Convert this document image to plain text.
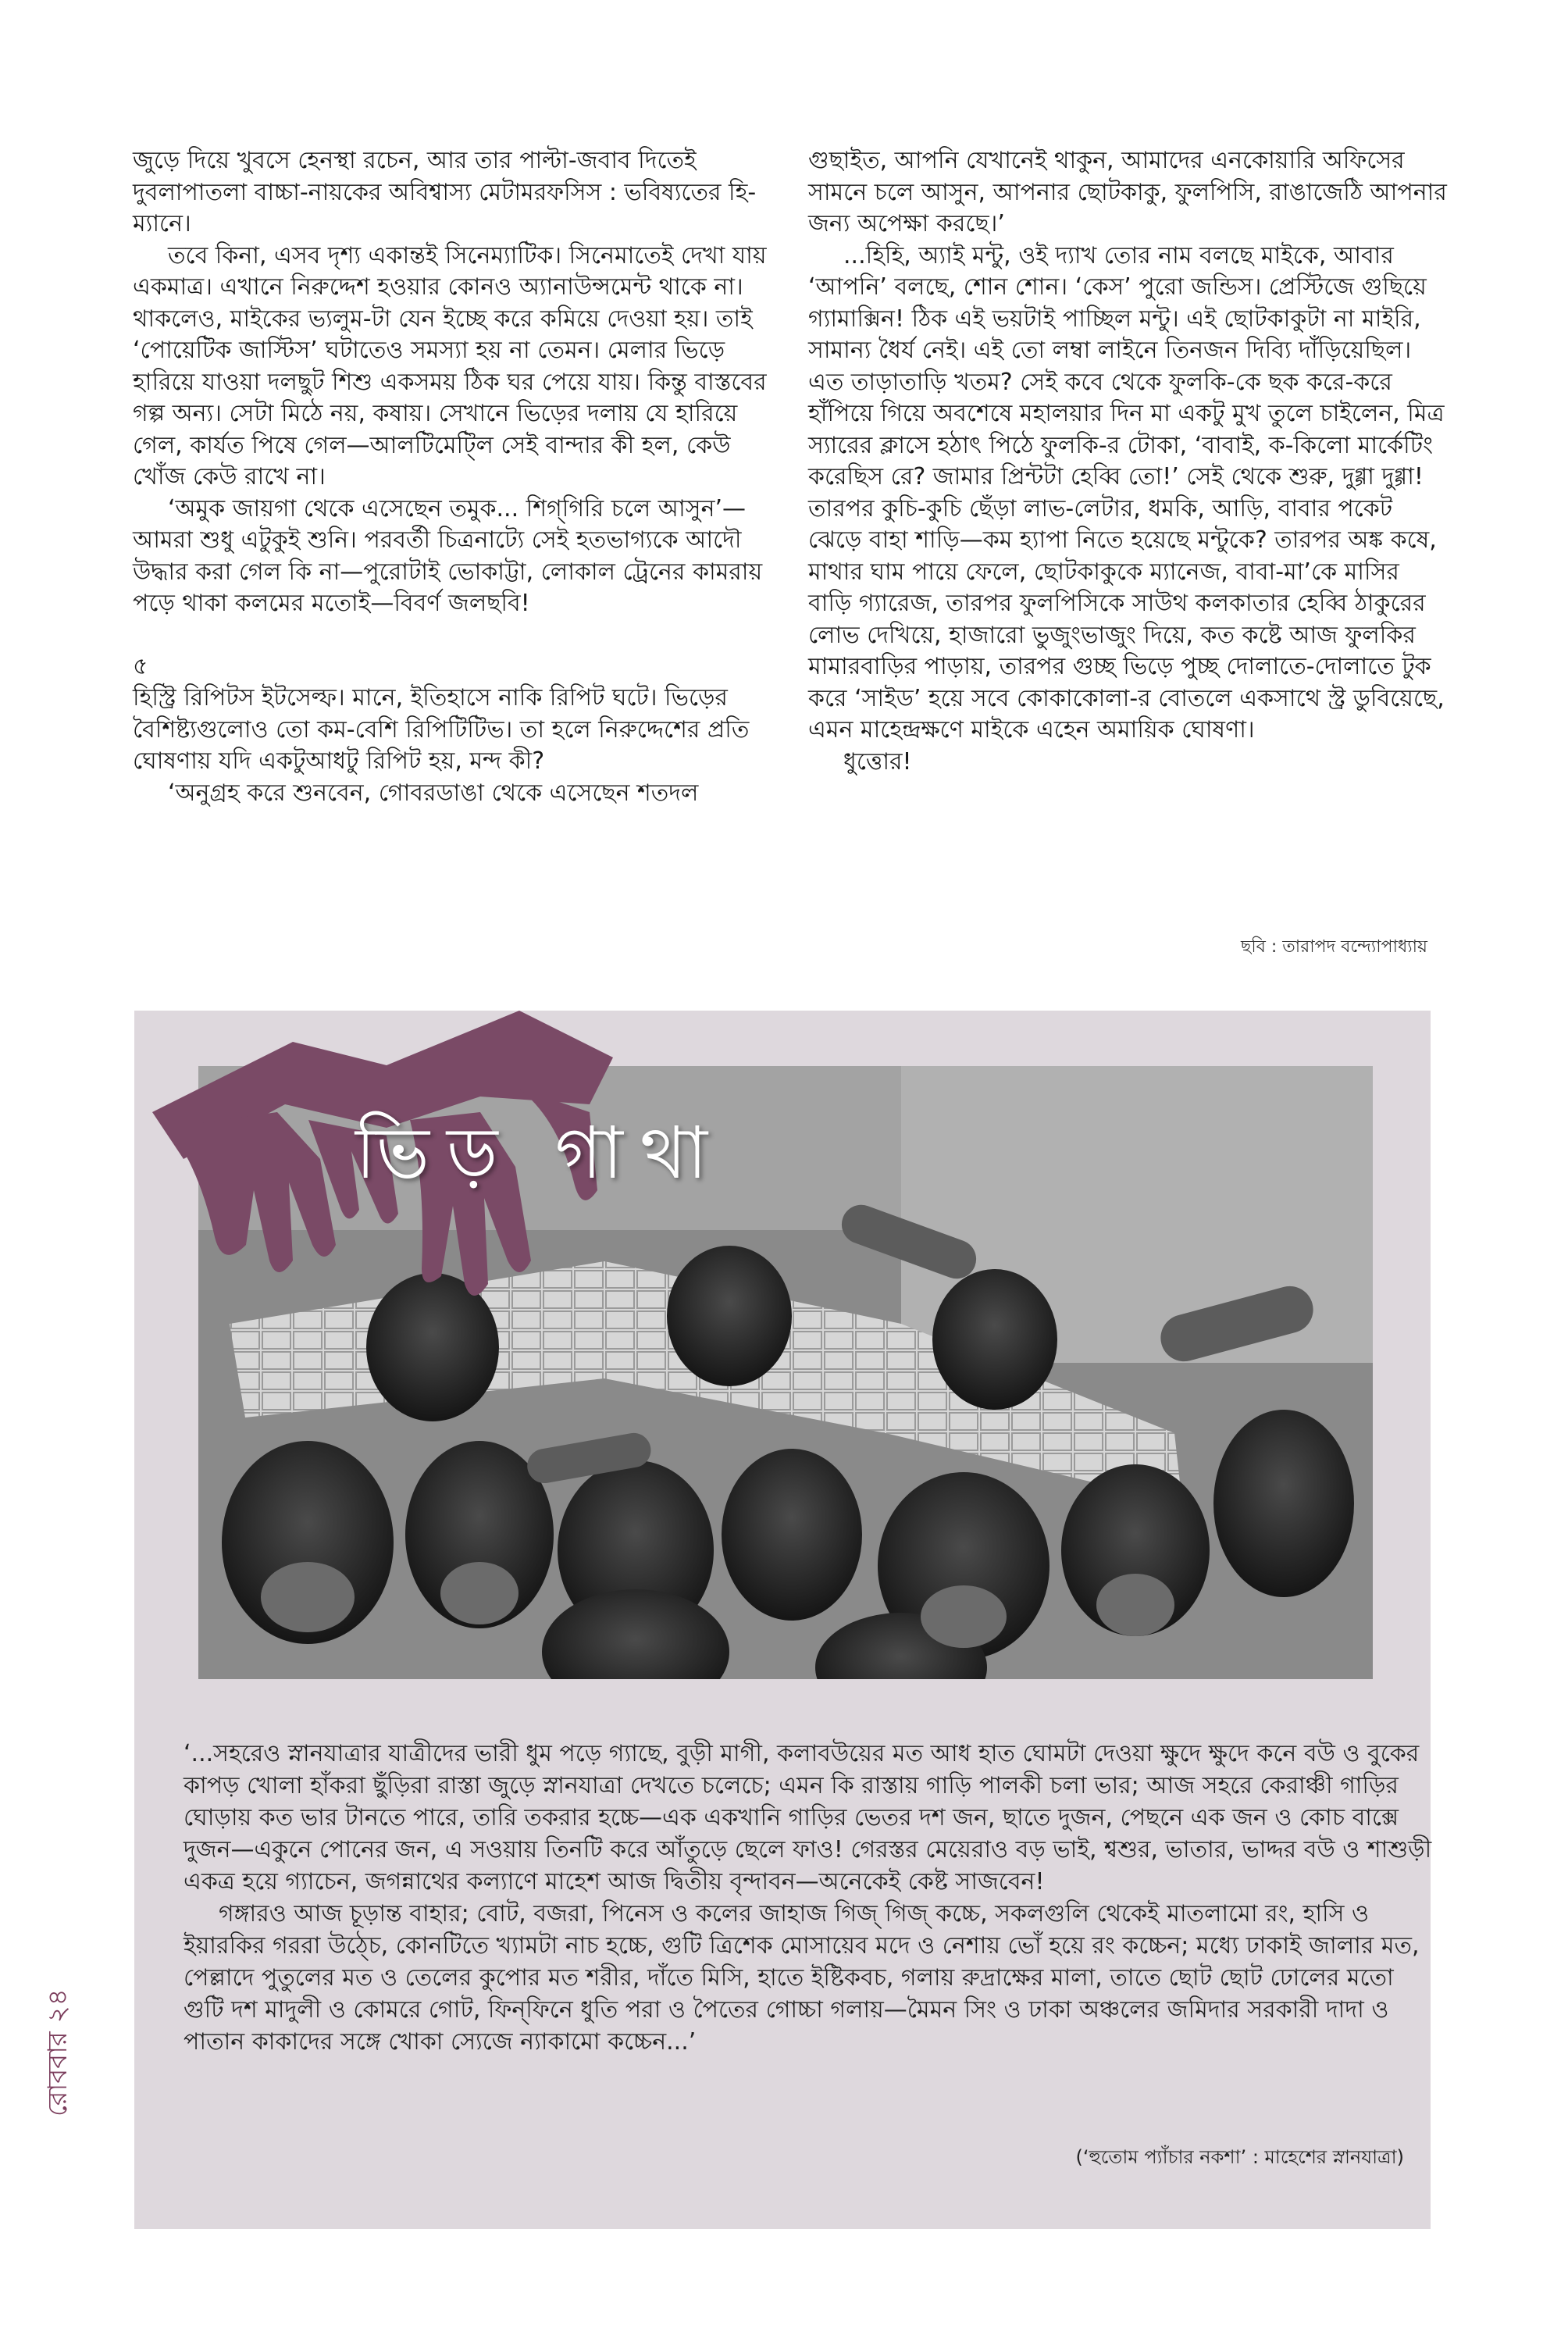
জুড়ে দিয়ে খুবসে হেনস্থা রচেন, আর তার পাল্টা-জবাব দিতেই দুবলাপাতলা বাচ্চা-নায়কের অবিশ্বাস্য মেটামরফসিস : ভবিষ্যতের হি-ম্যানে।

তবে কিনা, এসব দৃশ্য একান্তই সিনেম্যাটিক। সিনেমাতেই দেখা যায় একমাত্র। এখানে নিরুদ্দেশ হওয়ার কোনও অ্যানাউন্সমেন্ট থাকে না। থাকলেও, মাইকের ভ্যলুম-টা যেন ইচ্ছে করে কমিয়ে দেওয়া হয়। তাই ‘পোয়েটিক জাস্টিস’ ঘটাতেও সমস্যা হয় না তেমন। মেলার ভিড়ে হারিয়ে যাওয়া দলছুট শিশু একসময় ঠিক ঘর পেয়ে যায়। কিন্তু বাস্তবের গল্প অন্য। সেটা মিঠে নয়, কষায়। সেখানে ভিড়ের দলায় যে হারিয়ে গেল, কার্যত পিষে গেল—আলটিমেট্লি সেই বান্দার কী হল, কেউ খোঁজ কেউ রাখে না।

‘অমুক জায়গা থেকে এসেছেন তমুক... শিগ্‌গিরি চলে আসুন’—আমরা শুধু এটুকুই শুনি। পরবর্তী চিত্রনাট্যে সেই হতভাগ্যকে আদৌ উদ্ধার করা গেল কি না—পুরোটাই ভোকাট্টা, লোকাল ট্রেনের কামরায় পড়ে থাকা কলমের মতোই—বিবর্ণ জলছবি!

৫

হিস্ট্রি রিপিটস ইটসেল্ফ। মানে, ইতিহাসে নাকি রিপিট ঘটে। ভিড়ের বৈশিষ্ট্যগুলোও তো কম-বেশি রিপিটিটিভ। তা হলে নিরুদ্দেশের প্রতি ঘোষণায় যদি একটুআধটু রিপিট হয়, মন্দ কী?

‘অনুগ্রহ করে শুনবেন, গোবরডাঙা থেকে এসেছেন শতদল

গুছাইত, আপনি যেখানেই থাকুন, আমাদের এনকোয়ারি অফিসের সামনে চলে আসুন, আপনার ছোটকাকু, ফুলপিসি, রাঙাজেঠি আপনার জন্য অপেক্ষা করছে।’

...হিহি, অ্যাই মন্টু, ওই দ্যাখ তোর নাম বলছে মাইকে, আবার ‘আপনি’ বলছে, শোন শোন। ‘কেস’ পুরো জন্ডিস। প্রেস্টিজে গুছিয়ে গ্যামাক্সিন! ঠিক এই ভয়টাই পাচ্ছিল মন্টু। এই ছোটকাকুটা না মাইরি, সামান্য ধৈর্য নেই। এই তো লম্বা লাইনে তিনজন দিব্যি দাঁড়িয়েছিল। এত তাড়াতাড়ি খতম? সেই কবে থেকে ফুলকি-কে ছক করে-করে হাঁপিয়ে গিয়ে অবশেষে মহালয়ার দিন মা একটু মুখ তুলে চাইলেন, মিত্র স্যারের ক্লাসে হঠাৎ পিঠে ফুলকি-র টোকা, ‘বাবাই, ক-কিলো মার্কেটিং করেছিস রে? জামার প্রিন্টটা হেব্বি তো!’ সেই থেকে শুরু, দুগ্গা দুগ্গা! তারপর কুচি-কুচি ছেঁড়া লাভ-লেটার, ধমকি, আড়ি, বাবার পকেট ঝেড়ে বাহা শাড়ি—কম হ্যাপা নিতে হয়েছে মন্টুকে? তারপর অঙ্ক কষে, মাথার ঘাম পায়ে ফেলে, ছোটকাকুকে ম্যানেজ, বাবা-মা’কে মাসির বাড়ি গ্যারেজ, তারপর ফুলপিসিকে সাউথ কলকাতার হেব্বি ঠাকুরের লোভ দেখিয়ে, হাজারো ভুজুংভাজুং দিয়ে, কত কষ্টে আজ ফুলকির মামারবাড়ির পাড়ায়, তারপর গুচ্ছ ভিড়ে পুচ্ছ দোলাতে-দোলাতে টুক করে ‘সাইড’ হয়ে সবে কোকাকোলা-র বোতলে একসাথে স্ট্র ডুবিয়েছে, এমন মাহেন্দ্রক্ষণে মাইকে এহেন অমায়িক ঘোষণা।

ধুত্তোর!

ছবি : তারাপদ বন্দ্যোপাধ্যায়
ভিড় গাথা

‘...সহরেও স্নানযাত্রার যাত্রীদের ভারী ধুম পড়ে গ্যাছে, বুড়ী মাগী, কলাবউয়ের মত আধ হাত ঘোমটা দেওয়া ক্ষুদে ক্ষুদে কনে বউ ও বুকের কাপড় খোলা হাঁকরা ছুঁড়িরা রাস্তা জুড়ে স্নানযাত্রা দেখতে চলেচে; এমন কি রাস্তায় গাড়ি পালকী চলা ভার; আজ সহরে কেরাঞ্চী গাড়ির ঘোড়ায় কত ভার টানতে পারে, তারি তকরার হচ্চে—এক একখানি গাড়ির ভেতর দশ জন, ছাতে দুজন, পেছনে এক জন ও কোচ বাক্সে দুজন—একুনে পোনের জন, এ সওয়ায় তিনটি করে আঁতুড়ে ছেলে ফাও! গেরস্তর মেয়েরাও বড় ভাই, শ্বশুর, ভাতার, ভাদ্দর বউ ও শাশুড়ী একত্র হয়ে গ্যাচেন, জগন্নাথের কল্যাণে মাহেশ আজ দ্বিতীয় বৃন্দাবন—অনেকেই কেষ্ট সাজবেন!

গঙ্গারও আজ চূড়ান্ত বাহার; বোট, বজরা, পিনেস ও কলের জাহাজ গিজ্ গিজ্ কচ্চে, সকলগুলি থেকেই মাতলামো রং, হাসি ও ইয়ারকির গররা উঠ্চে, কোনটিতে খ্যামটা নাচ হচ্চে, গুটি ত্রিশেক মোসায়েব মদে ও নেশায় ভোঁ হয়ে রং কচ্চেন; মধ্যে ঢাকাই জালার মত, পেল্লাদে পুতুলের মত ও তেলের কুপোর মত শরীর, দাঁতে মিসি, হাতে ইষ্টিকবচ, গলায় রুদ্রাক্ষের মালা, তাতে ছোট ছোট ঢোলের মতো গুটি দশ মাদুলী ও কোমরে গোট, ফিন্‌ফিনে ধুতি পরা ও পৈতের গোচ্চা গলায়—মৈমন সিং ও ঢাকা অঞ্চলের জমিদার সরকারী দাদা ও পাতান কাকাদের সঙ্গে খোকা স্যেজে ন্যাকামো কচ্চেন...’

(‘হুতোম প্যাঁচার নকশা’ : মাহেশের স্নানযাত্রা)
রোববার ২৪
